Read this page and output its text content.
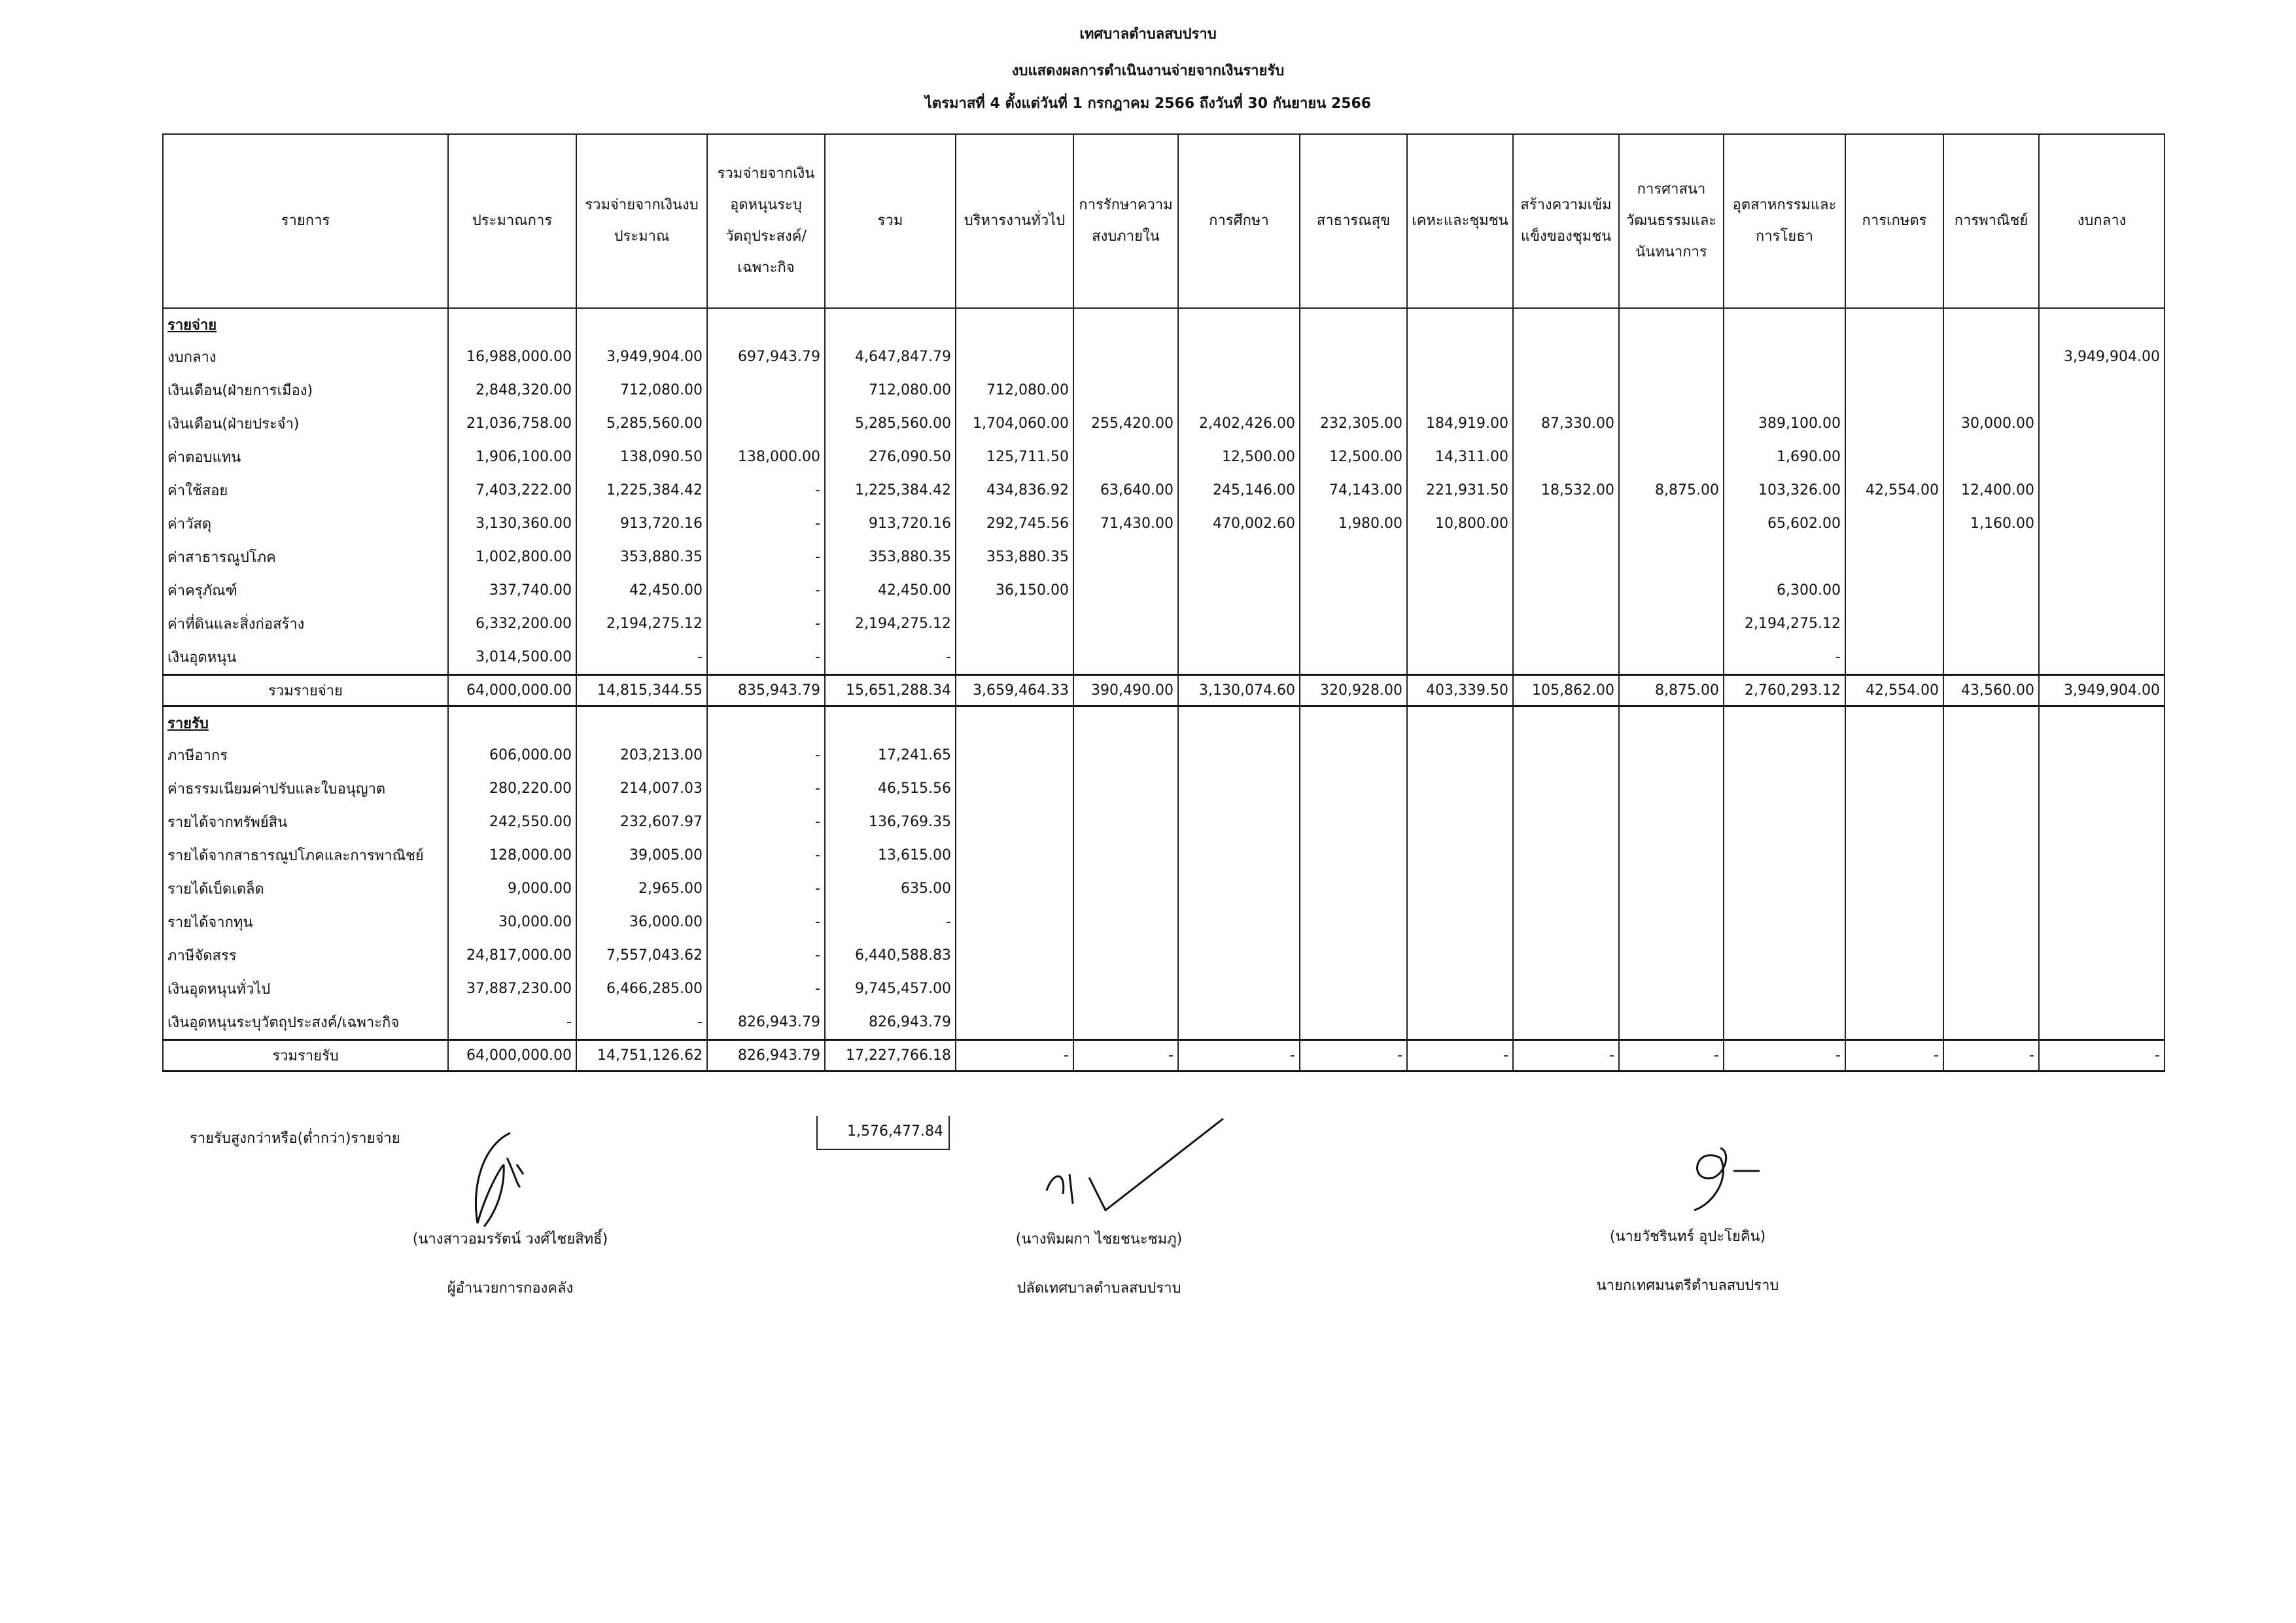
เทศบาลตำบลสบปราบ
งบแสดงผลการดำเนินงานจ่ายจากเงินรายรับ
ไตรมาสที่ 4 ตั้งแต่วันที่ 1 กรกฎาคม 2566 ถึงวันที่ 30 กันยายน 2566
รายการ	ประมาณการ	รวมจ่ายจากเงินงบประมาณ	รวมจ่ายจากเงินอุดหนุนระบุวัตถุประสงค์/เฉพาะกิจ	รวม	บริหารงานทั่วไป	การรักษาความสงบภายใน	การศึกษา	สาธารณสุข	เคหะและชุมชน	สร้างความเข้มแข็งของชุมชน	การศาสนาวัฒนธรรมและนันทนาการ	อุตสาหกรรมและการโยธา	การเกษตร	การพาณิชย์	งบกลาง
รายจ่าย															
งบกลาง	16,988,000.00	3,949,904.00	697,943.79	4,647,847.79											3,949,904.00
เงินเดือน(ฝ่ายการเมือง)	2,848,320.00	712,080.00		712,080.00	712,080.00										
เงินเดือน(ฝ่ายประจำ)	21,036,758.00	5,285,560.00		5,285,560.00	1,704,060.00	255,420.00	2,402,426.00	232,305.00	184,919.00	87,330.00		389,100.00		30,000.00	
ค่าตอบแทน	1,906,100.00	138,090.50	138,000.00	276,090.50	125,711.50		12,500.00	12,500.00	14,311.00			1,690.00			
ค่าใช้สอย	7,403,222.00	1,225,384.42	-	1,225,384.42	434,836.92	63,640.00	245,146.00	74,143.00	221,931.50	18,532.00	8,875.00	103,326.00	42,554.00	12,400.00	
ค่าวัสดุ	3,130,360.00	913,720.16	-	913,720.16	292,745.56	71,430.00	470,002.60	1,980.00	10,800.00			65,602.00		1,160.00	
ค่าสาธารณูปโภค	1,002,800.00	353,880.35	-	353,880.35	353,880.35										
ค่าครุภัณฑ์	337,740.00	42,450.00	-	42,450.00	36,150.00							6,300.00			
ค่าที่ดินและสิ่งก่อสร้าง	6,332,200.00	2,194,275.12	-	2,194,275.12								2,194,275.12			
เงินอุดหนุน	3,014,500.00	-	-	-								-			
รวมรายจ่าย	64,000,000.00	14,815,344.55	835,943.79	15,651,288.34	3,659,464.33	390,490.00	3,130,074.60	320,928.00	403,339.50	105,862.00	8,875.00	2,760,293.12	42,554.00	43,560.00	3,949,904.00
รายรับ															
ภาษีอากร	606,000.00	203,213.00	-	17,241.65											
ค่าธรรมเนียมค่าปรับและใบอนุญาต	280,220.00	214,007.03	-	46,515.56											
รายได้จากทรัพย์สิน	242,550.00	232,607.97	-	136,769.35											
รายได้จากสาธารณูปโภคและการพาณิชย์	128,000.00	39,005.00	-	13,615.00											
รายได้เบ็ดเตล็ด	9,000.00	2,965.00	-	635.00											
รายได้จากทุน	30,000.00	36,000.00	-	-											
ภาษีจัดสรร	24,817,000.00	7,557,043.62	-	6,440,588.83											
เงินอุดหนุนทั่วไป	37,887,230.00	6,466,285.00	-	9,745,457.00											
เงินอุดหนุนระบุวัตถุประสงค์/เฉพาะกิจ	-	-	826,943.79	826,943.79											
รวมรายรับ	64,000,000.00	14,751,126.62	826,943.79	17,227,766.18	-	-	-	-	-	-	-	-	-	-	-
รายรับสูงกว่าหรือ(ต่ำกว่า)รายจ่าย	1,576,477.84
(นางสาวอมรรัตน์ วงศ์ไชยสิทธิ์)
ผู้อำนวยการกองคลัง
(นางพิมผกา ไชยชนะชมภู)
ปลัดเทศบาลตำบลสบปราบ
(นายวัชรินทร์ อุปะโยคิน)
นายกเทศมนตรีตำบลสบปราบ
